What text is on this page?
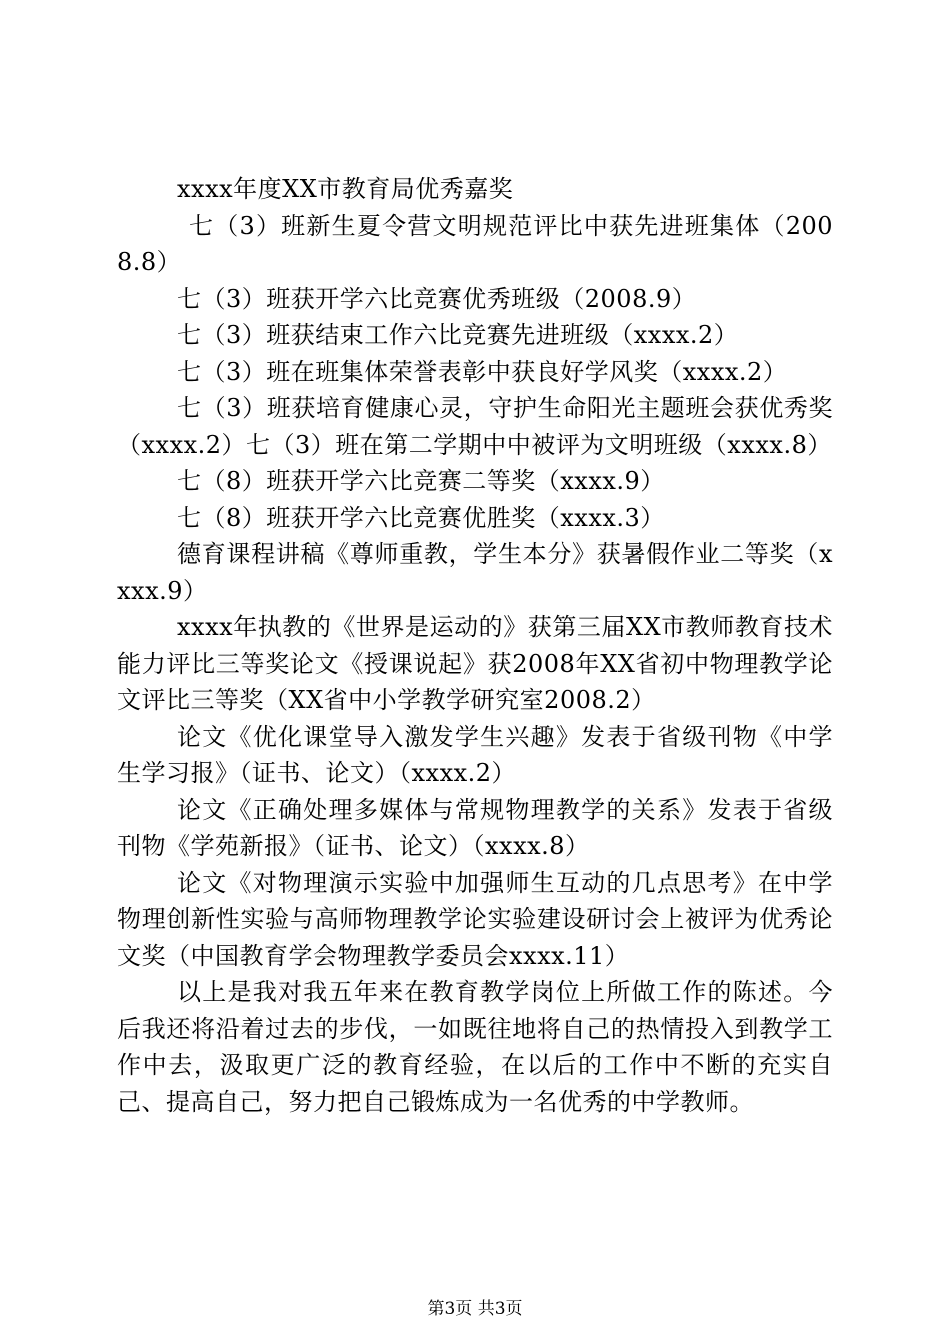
xxxx年度XX市教育局优秀嘉奖

七（3）班新生夏令营文明规范评比中获先进班集体（2008.8）

七（3）班获开学六比竞赛优秀班级（2008.9）

七（3）班获结束工作六比竞赛先进班级（xxxx.2）

七（3）班在班集体荣誉表彰中获良好学风奖（xxxx.2）

七（3）班获培育健康心灵，守护生命阳光主题班会获优秀奖（xxxx.2）七（3）班在第二学期中中被评为文明班级（xxxx.8）

七（8）班获开学六比竞赛二等奖（xxxx.9）

七（8）班获开学六比竞赛优胜奖（xxxx.3）

德育课程讲稿《尊师重教，学生本分》获暑假作业二等奖（xxxx.9）

xxxx年执教的《世界是运动的》获第三届XX市教师教育技术能力评比三等奖论文《授课说起》获2008年XX省初中物理教学论文评比三等奖（XX省中小学教学研究室2008.2）

论文《优化课堂导入激发学生兴趣》发表于省级刊物《中学生学习报》（证书、论文）（xxxx.2）

论文《正确处理多媒体与常规物理教学的关系》发表于省级刊物《学苑新报》（证书、论文）（xxxx.8）

论文《对物理演示实验中加强师生互动的几点思考》在中学物理创新性实验与高师物理教学论实验建设研讨会上被评为优秀论文奖（中国教育学会物理教学委员会xxxx.11）

以上是我对我五年来在教育教学岗位上所做工作的陈述。今后我还将沿着过去的步伐，一如既往地将自己的热情投入到教学工作中去，汲取更广泛的教育经验，在以后的工作中不断的充实自己、提高自己，努力把自己锻炼成为一名优秀的中学教师。

第3页 共3页
